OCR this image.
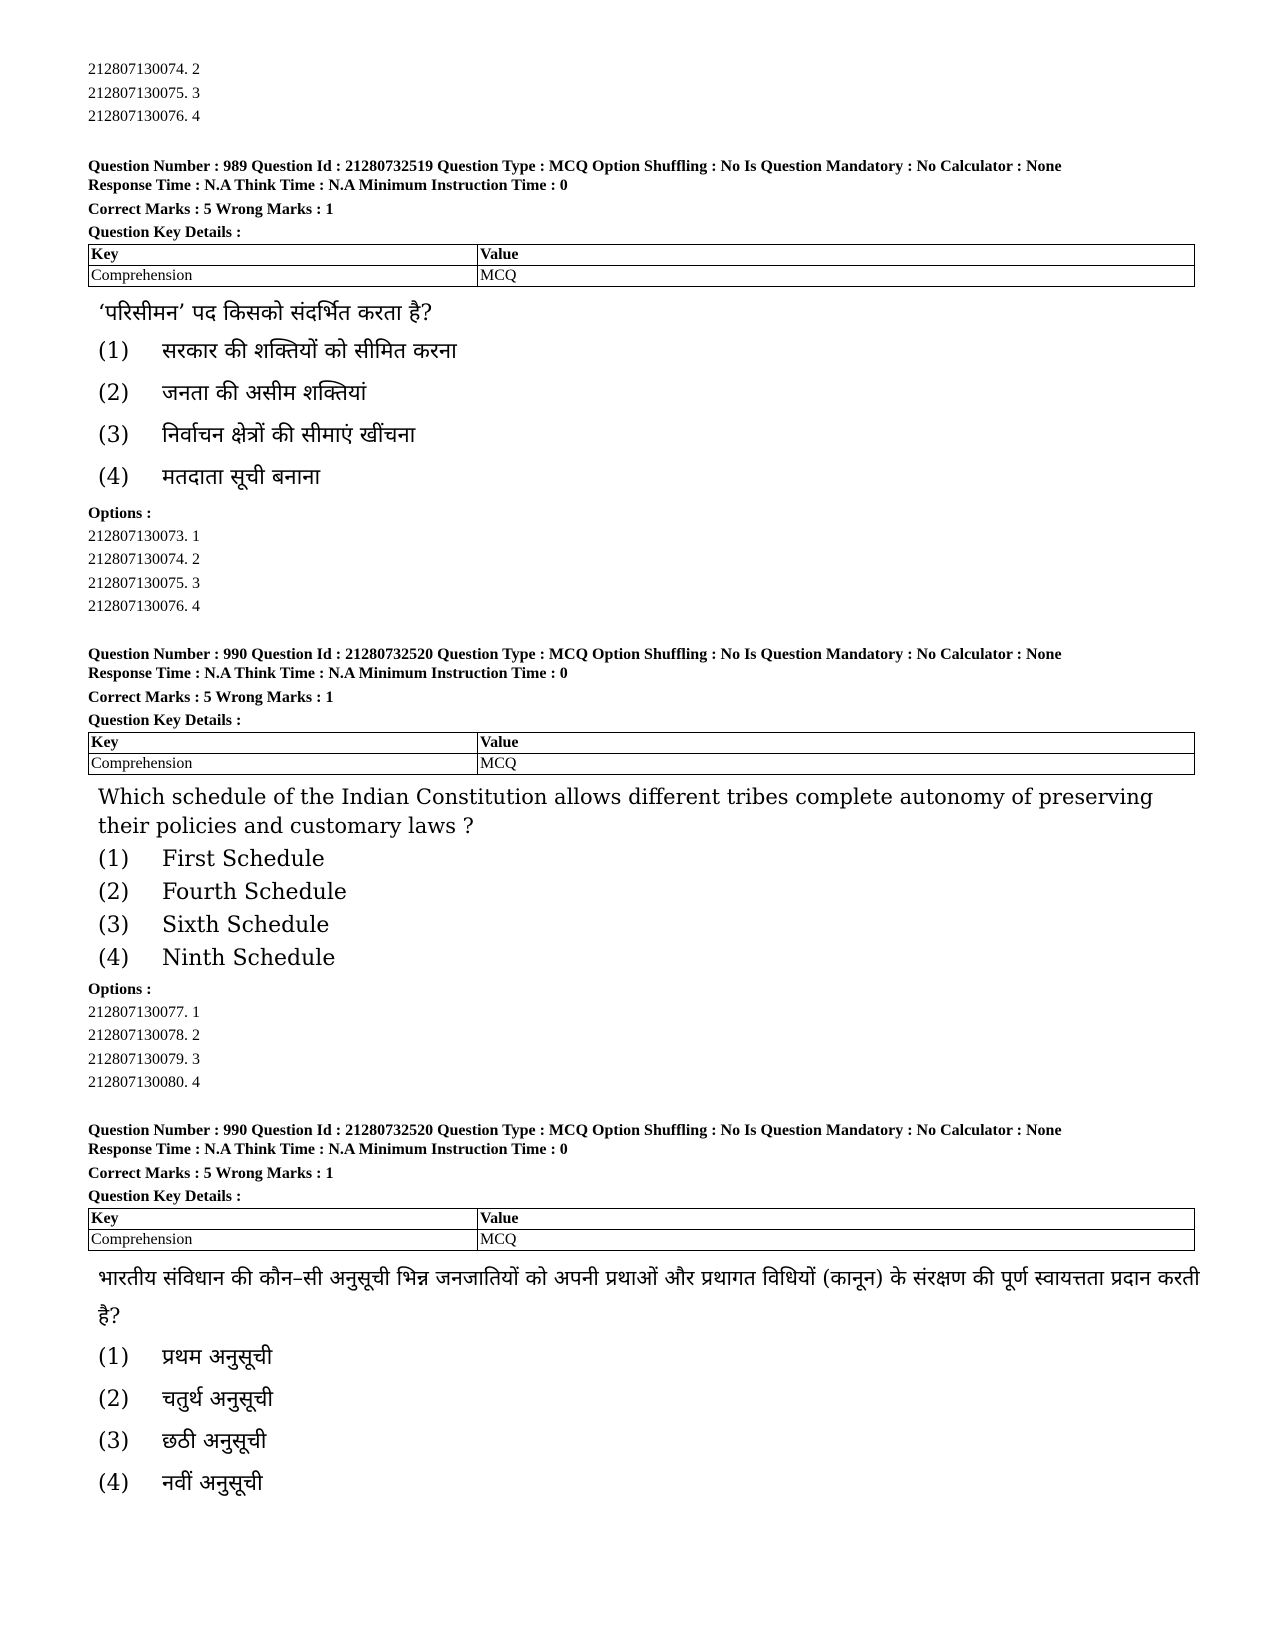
212807130074. 2
212807130075. 3
212807130076. 4
Question Number : 989 Question Id : 21280732519 Question Type : MCQ Option Shuffling : No Is Question Mandatory : No Calculator : None
Response Time : N.A Think Time : N.A Minimum Instruction Time : 0
Correct Marks : 5 Wrong Marks : 1
Question Key Details :
Key	Value
Comprehension	MCQ
‘परिसीमन’ पद किसको संदर्भित करता है?
(1)	सरकार की शक्तियों को सीमित करना
(2)	जनता की असीम शक्तियां
(3)	निर्वाचन क्षेत्रों की सीमाएं खींचना
(4)	मतदाता सूची बनाना
Options :
212807130073. 1
212807130074. 2
212807130075. 3
212807130076. 4
Question Number : 990 Question Id : 21280732520 Question Type : MCQ Option Shuffling : No Is Question Mandatory : No Calculator : None
Response Time : N.A Think Time : N.A Minimum Instruction Time : 0
Correct Marks : 5 Wrong Marks : 1
Question Key Details :
Key	Value
Comprehension	MCQ
Which schedule of the Indian Constitution allows different tribes complete autonomy of preserving their policies and customary laws ?
(1)	First Schedule
(2)	Fourth Schedule
(3)	Sixth Schedule
(4)	Ninth Schedule
Options :
212807130077. 1
212807130078. 2
212807130079. 3
212807130080. 4
Question Number : 990 Question Id : 21280732520 Question Type : MCQ Option Shuffling : No Is Question Mandatory : No Calculator : None
Response Time : N.A Think Time : N.A Minimum Instruction Time : 0
Correct Marks : 5 Wrong Marks : 1
Question Key Details :
Key	Value
Comprehension	MCQ
भारतीय संविधान की कौन–सी अनुसूची भिन्न जनजातियों को अपनी प्रथाओं और प्रथागत विधियों (कानून) के संरक्षण की पूर्ण स्वायत्तता प्रदान करती है?
(1)	प्रथम अनुसूची
(2)	चतुर्थ अनुसूची
(3)	छठी अनुसूची
(4)	नवीं अनुसूची
